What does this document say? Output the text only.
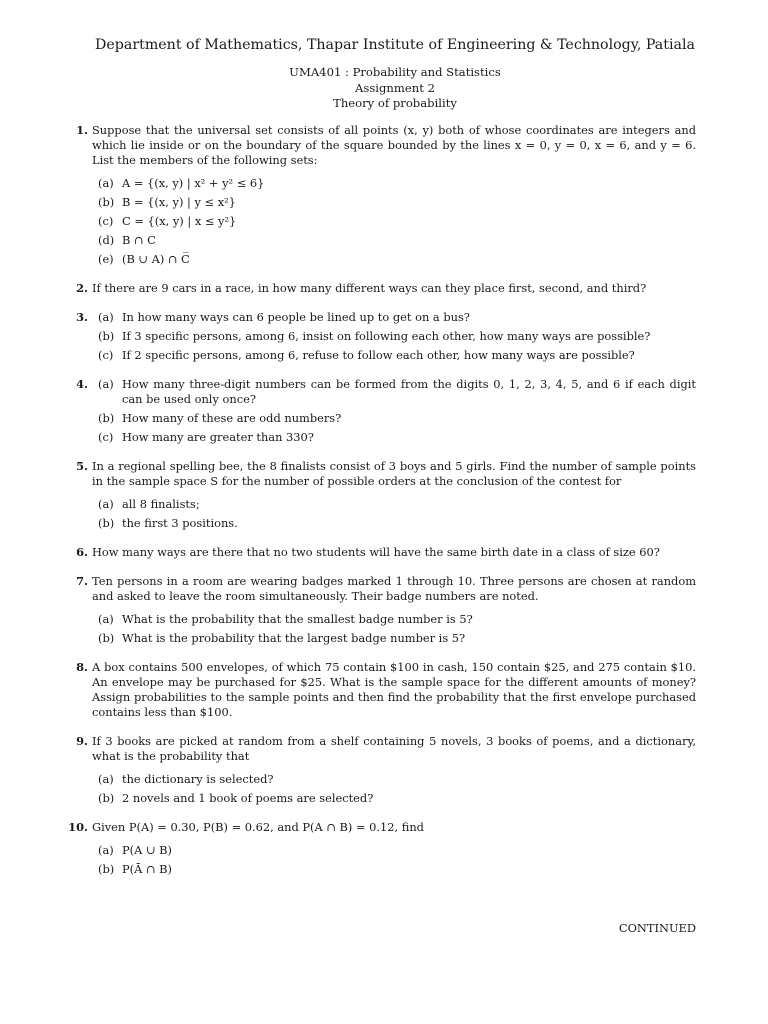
Department of Mathematics, Thapar Institute of Engineering & Technology, Patiala
UMA401 : Probability and Statistics
Assignment 2
Theory of probability
1. Suppose that the universal set consists of all points (x, y) both of whose coordinates are integers and which lie inside or on the boundary of the square bounded by the lines x = 0, y = 0, x = 6, and y = 6. List the members of the following sets:
(a) A = {(x, y) | x² + y² ≤ 6}
(b) B = {(x, y) | y ≤ x²}
(c) C = {(x, y) | x ≤ y²}
(d) B ∩ C
(e) (B ∪ A) ∩ C̅
2. If there are 9 cars in a race, in how many different ways can they place first, second, and third?
3. (a) In how many ways can 6 people be lined up to get on a bus?
(b) If 3 specific persons, among 6, insist on following each other, how many ways are possible?
(c) If 2 specific persons, among 6, refuse to follow each other, how many ways are possible?
4. (a) How many three-digit numbers can be formed from the digits 0, 1, 2, 3, 4, 5, and 6 if each digit can be used only once?
(b) How many of these are odd numbers?
(c) How many are greater than 330?
5. In a regional spelling bee, the 8 finalists consist of 3 boys and 5 girls. Find the number of sample points in the sample space S for the number of possible orders at the conclusion of the contest for
(a) all 8 finalists;
(b) the first 3 positions.
6. How many ways are there that no two students will have the same birth date in a class of size 60?
7. Ten persons in a room are wearing badges marked 1 through 10. Three persons are chosen at random and asked to leave the room simultaneously. Their badge numbers are noted.
(a) What is the probability that the smallest badge number is 5?
(b) What is the probability that the largest badge number is 5?
8. A box contains 500 envelopes, of which 75 contain $100 in cash, 150 contain $25, and 275 contain $10. An envelope may be purchased for $25. What is the sample space for the different amounts of money? Assign probabilities to the sample points and then find the probability that the first envelope purchased contains less than $100.
9. If 3 books are picked at random from a shelf containing 5 novels, 3 books of poems, and a dictionary, what is the probability that
(a) the dictionary is selected?
(b) 2 novels and 1 book of poems are selected?
10. Given P(A) = 0.30, P(B) = 0.62, and P(A ∩ B) = 0.12, find
(a) P(A ∪ B)
(b) P(Ā ∩ B)
CONTINUED
